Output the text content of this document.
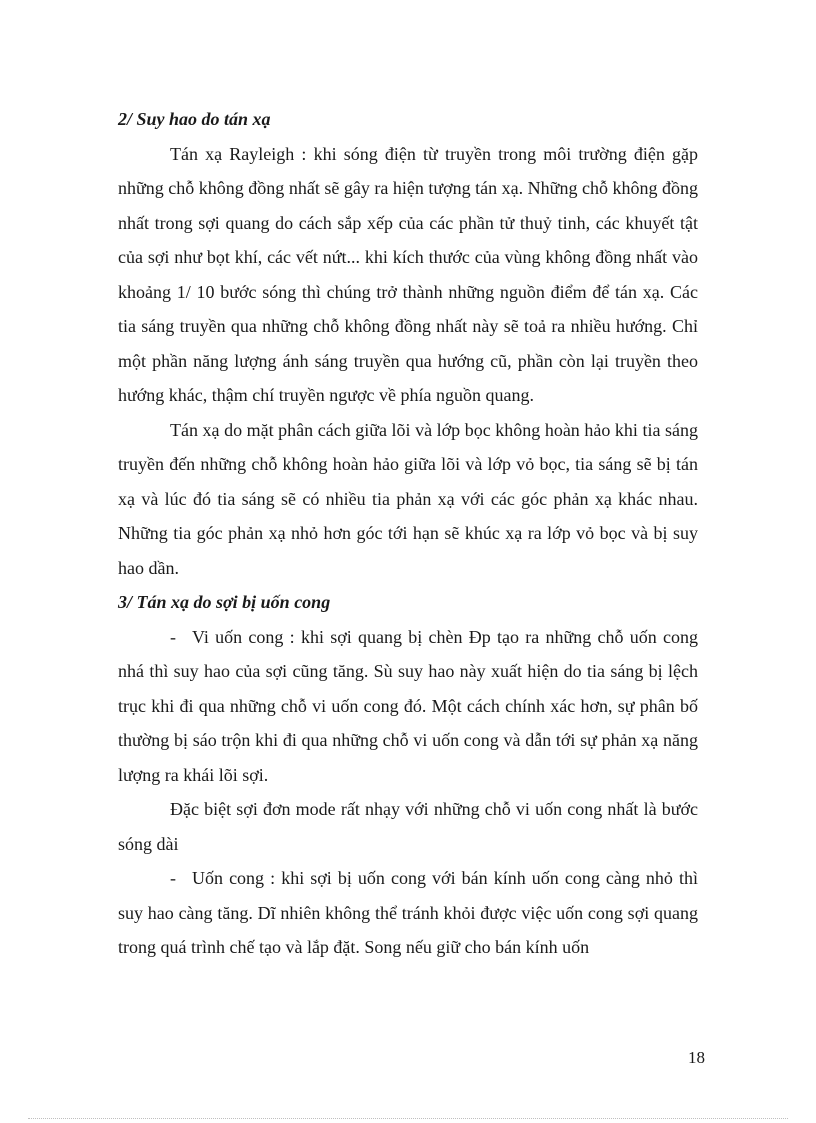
2/ Suy hao do tán xạ

Tán xạ Rayleigh : khi sóng điện từ truyền trong môi trường điện gặp những chỗ không đồng nhất sẽ gây ra hiện tượng tán xạ. Những chỗ không đồng nhất trong sợi quang do cách sắp xếp của các phần tử thuỷ tinh, các khuyết tật của sợi như bọt khí, các vết nứt... khi kích thước của vùng không đồng nhất vào khoảng 1/ 10 bước sóng thì chúng trở thành những nguồn điểm để tán xạ. Các tia sáng truyền qua những chỗ không đồng nhất này sẽ toả ra nhiều hướng. Chỉ một phần năng lượng ánh sáng truyền qua hướng cũ, phần còn lại truyền theo hướng khác, thậm chí truyền ngược về phía nguồn quang.

Tán xạ do mặt phân cách giữa lõi và lớp bọc không hoàn hảo khi tia sáng truyền đến những chỗ không hoàn hảo giữa lõi và lớp vỏ bọc, tia sáng sẽ bị tán xạ và lúc đó tia sáng sẽ có nhiều tia phản xạ với các góc phản xạ khác nhau. Những tia góc phản xạ nhỏ hơn góc tới hạn sẽ khúc xạ ra lớp vỏ bọc và bị suy hao dần.

3/ Tán xạ do sợi bị uốn cong

- Vi uốn cong : khi sợi quang bị chèn Đp tạo ra những chỗ uốn cong nhá thì suy hao của sợi cũng tăng. Sù suy hao này xuất hiện do tia sáng bị lệch trục khi đi qua những chỗ vi uốn cong đó. Một cách chính xác hơn, sự phân bố thường bị sáo trộn khi đi qua những chỗ vi uốn cong và dẫn tới sự phản xạ năng lượng ra khái lõi sợi.

Đặc biệt sợi đơn mode rất nhạy với những chỗ vi uốn cong nhất là bước sóng dài

- Uốn cong : khi sợi bị uốn cong với bán kính uốn cong càng nhỏ thì suy hao càng tăng. Dĩ nhiên không thể tránh khỏi được việc uốn cong sợi quang trong quá trình chế tạo và lắp đặt. Song nếu giữ cho bán kính uốn

18
